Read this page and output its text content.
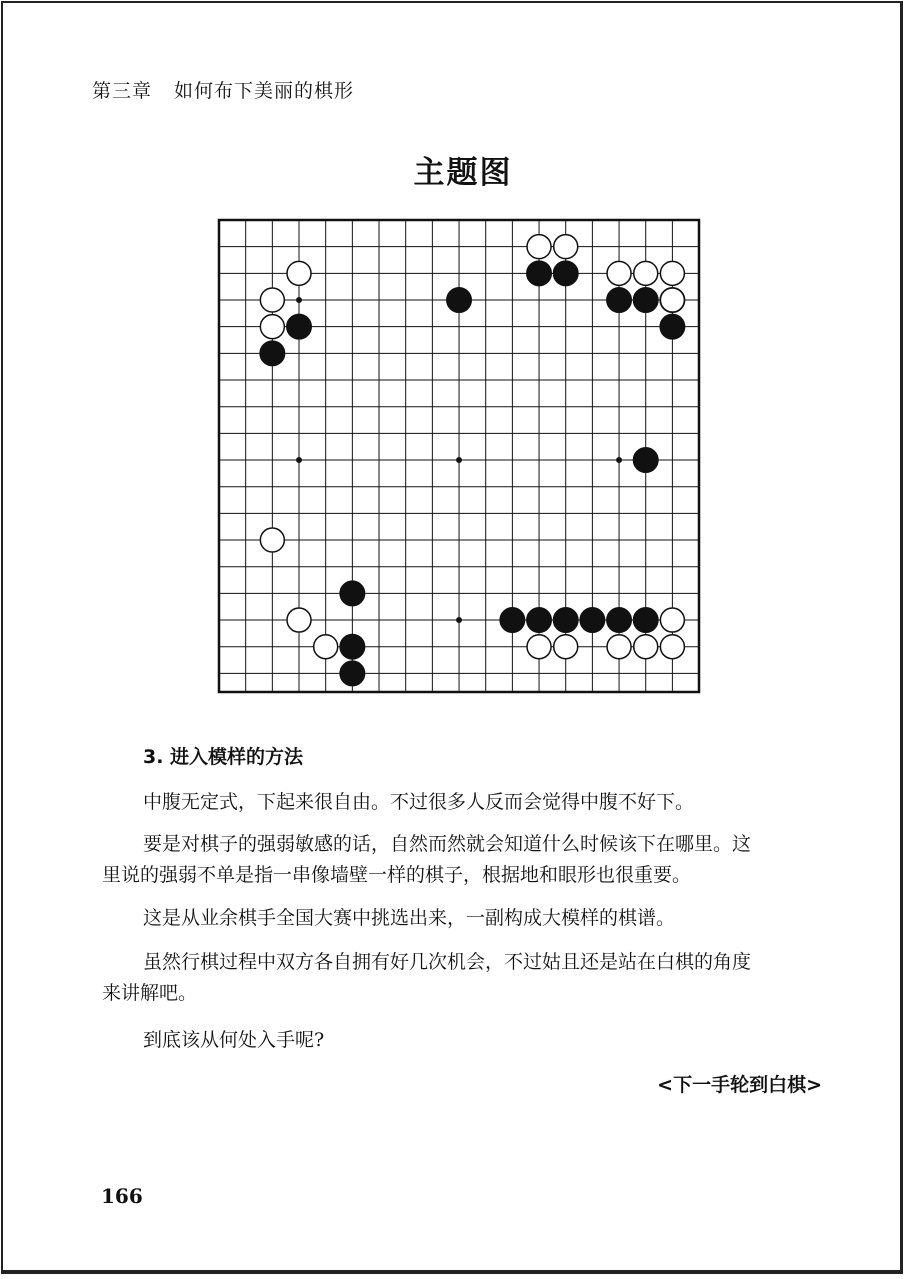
第三章 如何布下美丽的棋形
主题图
3. 进入模样的方法
中腹无定式，下起来很自由。不过很多人反而会觉得中腹不好下。
要是对棋子的强弱敏感的话，自然而然就会知道什么时候该下在哪里。这
里说的强弱不单是指一串像墙壁一样的棋子，根据地和眼形也很重要。
这是从业余棋手全国大赛中挑选出来，一副构成大模样的棋谱。
虽然行棋过程中双方各自拥有好几次机会，不过姑且还是站在白棋的角度
来讲解吧。
到底该从何处入手呢?
<下一手轮到白棋>
166
